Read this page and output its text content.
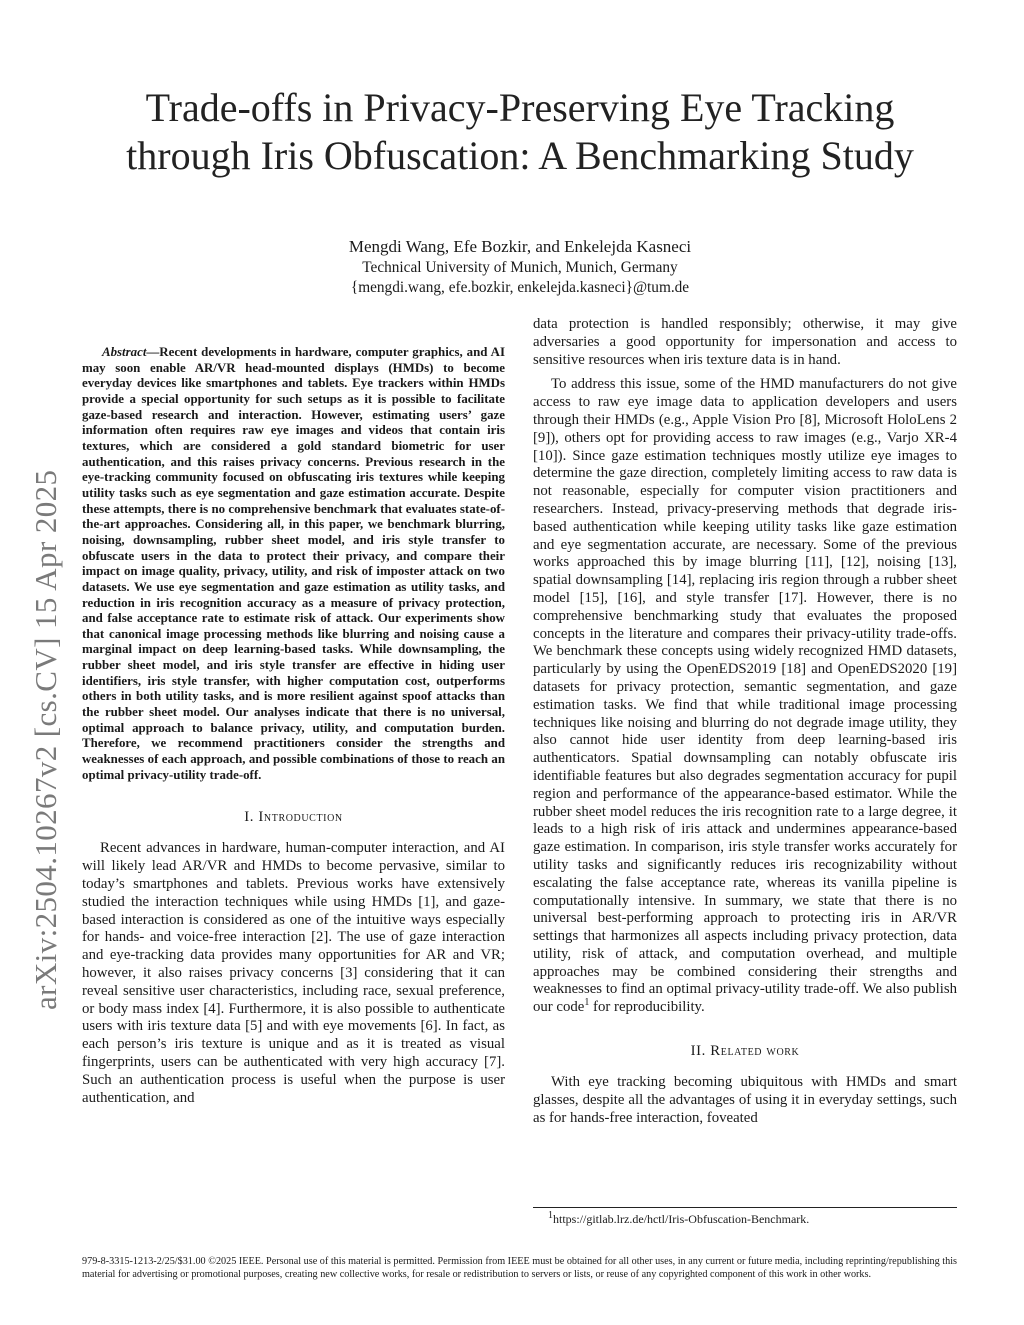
arXiv:2504.10267v2 [cs.CV] 15 Apr 2025
Trade-offs in Privacy-Preserving Eye Tracking
through Iris Obfuscation: A Benchmarking Study
Mengdi Wang, Efe Bozkir, and Enkelejda Kasneci
Technical University of Munich, Munich, Germany
{mengdi.wang, efe.bozkir, enkelejda.kasneci}@tum.de

Abstract—Recent developments in hardware, computer graphics, and AI may soon enable AR/VR head-mounted displays (HMDs) to become everyday devices like smartphones and tablets. Eye trackers within HMDs provide a special opportunity for such setups as it is possible to facilitate gaze-based research and interaction. However, estimating users’ gaze information often requires raw eye images and videos that contain iris textures, which are considered a gold standard biometric for user authentication, and this raises privacy concerns. Previous research in the eye-tracking community focused on obfuscating iris textures while keeping utility tasks such as eye segmentation and gaze estimation accurate. Despite these attempts, there is no comprehensive benchmark that evaluates state-of-the-art approaches. Considering all, in this paper, we benchmark blurring, noising, downsampling, rubber sheet model, and iris style transfer to obfuscate users in the data to protect their privacy, and compare their impact on image quality, privacy, utility, and risk of imposter attack on two datasets. We use eye segmentation and gaze estimation as utility tasks, and reduction in iris recognition accuracy as a measure of privacy protection, and false acceptance rate to estimate risk of attack. Our experiments show that canonical image processing methods like blurring and noising cause a marginal impact on deep learning-based tasks. While downsampling, the rubber sheet model, and iris style transfer are effective in hiding user identifiers, iris style transfer, with higher computation cost, outperforms others in both utility tasks, and is more resilient against spoof attacks than the rubber sheet model. Our analyses indicate that there is no universal, optimal approach to balance privacy, utility, and computation burden. Therefore, we recommend practitioners consider the strengths and weaknesses of each approach, and possible combinations of those to reach an optimal privacy-utility trade-off.

I. Introduction

Recent advances in hardware, human-computer interaction, and AI will likely lead AR/VR and HMDs to become pervasive, similar to today’s smartphones and tablets. Previous works have extensively studied the interaction techniques while using HMDs [1], and gaze-based interaction is considered as one of the intuitive ways especially for hands- and voice-free interaction [2]. The use of gaze interaction and eye-tracking data provides many opportunities for AR and VR; however, it also raises privacy concerns [3] considering that it can reveal sensitive user characteristics, including race, sexual preference, or body mass index [4]. Furthermore, it is also possible to authenticate users with iris texture data [5] and with eye movements [6]. In fact, as each person’s iris texture is unique and as it is treated as visual fingerprints, users can be authenticated with very high accuracy [7]. Such an authentication process is useful when the purpose is user authentication, and

data protection is handled responsibly; otherwise, it may give adversaries a good opportunity for impersonation and access to sensitive resources when iris texture data is in hand.

To address this issue, some of the HMD manufacturers do not give access to raw eye image data to application developers and users through their HMDs (e.g., Apple Vision Pro [8], Microsoft HoloLens 2 [9]), others opt for providing access to raw images (e.g., Varjo XR-4 [10]). Since gaze estimation techniques mostly utilize eye images to determine the gaze direction, completely limiting access to raw data is not reasonable, especially for computer vision practitioners and researchers. Instead, privacy-preserving methods that degrade iris-based authentication while keeping utility tasks like gaze estimation and eye segmentation accurate, are necessary. Some of the previous works approached this by image blurring [11], [12], noising [13], spatial downsampling [14], replacing iris region through a rubber sheet model [15], [16], and style transfer [17]. However, there is no comprehensive benchmarking study that evaluates the proposed concepts in the literature and compares their privacy-utility trade-offs. We benchmark these concepts using widely recognized HMD datasets, particularly by using the OpenEDS2019 [18] and OpenEDS2020 [19] datasets for privacy protection, semantic segmentation, and gaze estimation tasks. We find that while traditional image processing techniques like noising and blurring do not degrade image utility, they also cannot hide user identity from deep learning-based iris authenticators. Spatial downsampling can notably obfuscate iris identifiable features but also degrades segmentation accuracy for pupil region and performance of the appearance-based estimator. While the rubber sheet model reduces the iris recognition rate to a large degree, it leads to a high risk of iris attack and undermines appearance-based gaze estimation. In comparison, iris style transfer works accurately for utility tasks and significantly reduces iris recognizability without escalating the false acceptance rate, whereas its vanilla pipeline is computationally intensive. In summary, we state that there is no universal best-performing approach to protecting iris in AR/VR settings that harmonizes all aspects including privacy protection, data utility, risk of attack, and computation overhead, and multiple approaches may be combined considering their strengths and weaknesses to find an optimal privacy-utility trade-off. We also publish our code$^1$ for reproducibility.

II. Related work

With eye tracking becoming ubiquitous with HMDs and smart glasses, despite all the advantages of using it in everyday settings, such as for hands-free interaction, foveated

$^1$https://gitlab.lrz.de/hctl/Iris-Obfuscation-Benchmark.
979-8-3315-1213-2/25/$31.00 ©2025 IEEE. Personal use of this material is permitted. Permission from IEEE must be obtained for all other uses, in any current or future media, including reprinting/republishing this material for advertising or promotional purposes, creating new collective works, for resale or redistribution to servers or lists, or reuse of any copyrighted component of this work in other works.
